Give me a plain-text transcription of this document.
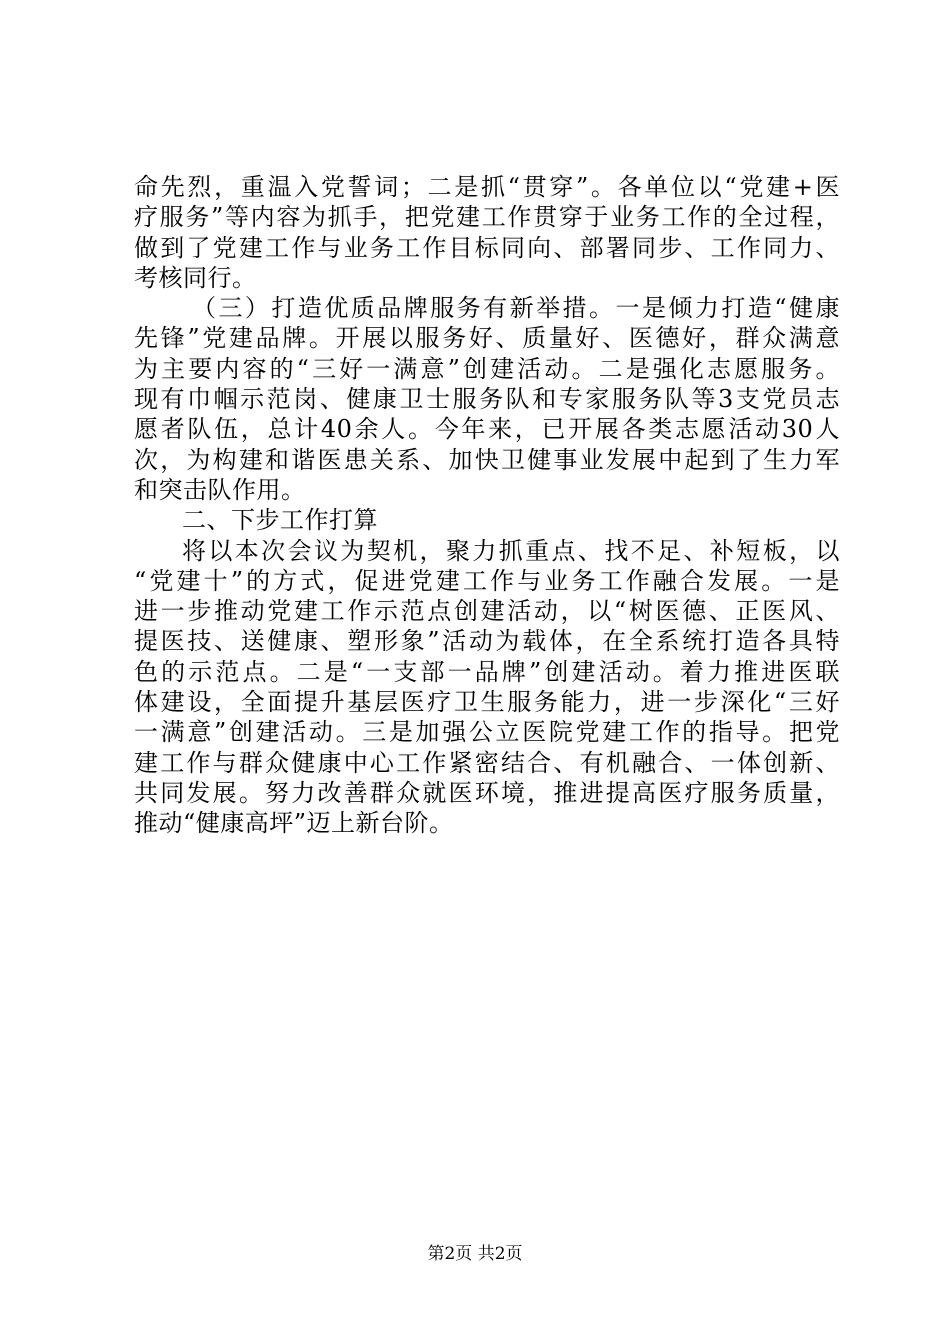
命先烈，重温入党誓词；二是抓“贯穿”。各单位以“党建+医
疗服务”等内容为抓手，把党建工作贯穿于业务工作的全过程，
做到了党建工作与业务工作目标同向、部署同步、工作同力、
考核同行。
（三）打造优质品牌服务有新举措。一是倾力打造“健康
先锋”党建品牌。开展以服务好、质量好、医德好，群众满意
为主要内容的“三好一满意”创建活动。二是强化志愿服务。
现有巾帼示范岗、健康卫士服务队和专家服务队等3支党员志
愿者队伍，总计40余人。今年来，已开展各类志愿活动30人
次，为构建和谐医患关系、加快卫健事业发展中起到了生力军
和突击队作用。
二、下步工作打算
将以本次会议为契机，聚力抓重点、找不足、补短板，以
“党建十”的方式，促进党建工作与业务工作融合发展。一是
进一步推动党建工作示范点创建活动，以“树医德、正医风、
提医技、送健康、塑形象”活动为载体，在全系统打造各具特
色的示范点。二是“一支部一品牌”创建活动。着力推进医联
体建设，全面提升基层医疗卫生服务能力，进一步深化“三好
一满意”创建活动。三是加强公立医院党建工作的指导。把党
建工作与群众健康中心工作紧密结合、有机融合、一体创新、
共同发展。努力改善群众就医环境，推进提高医疗服务质量，
推动“健康高坪”迈上新台阶。
第2页 共2页
